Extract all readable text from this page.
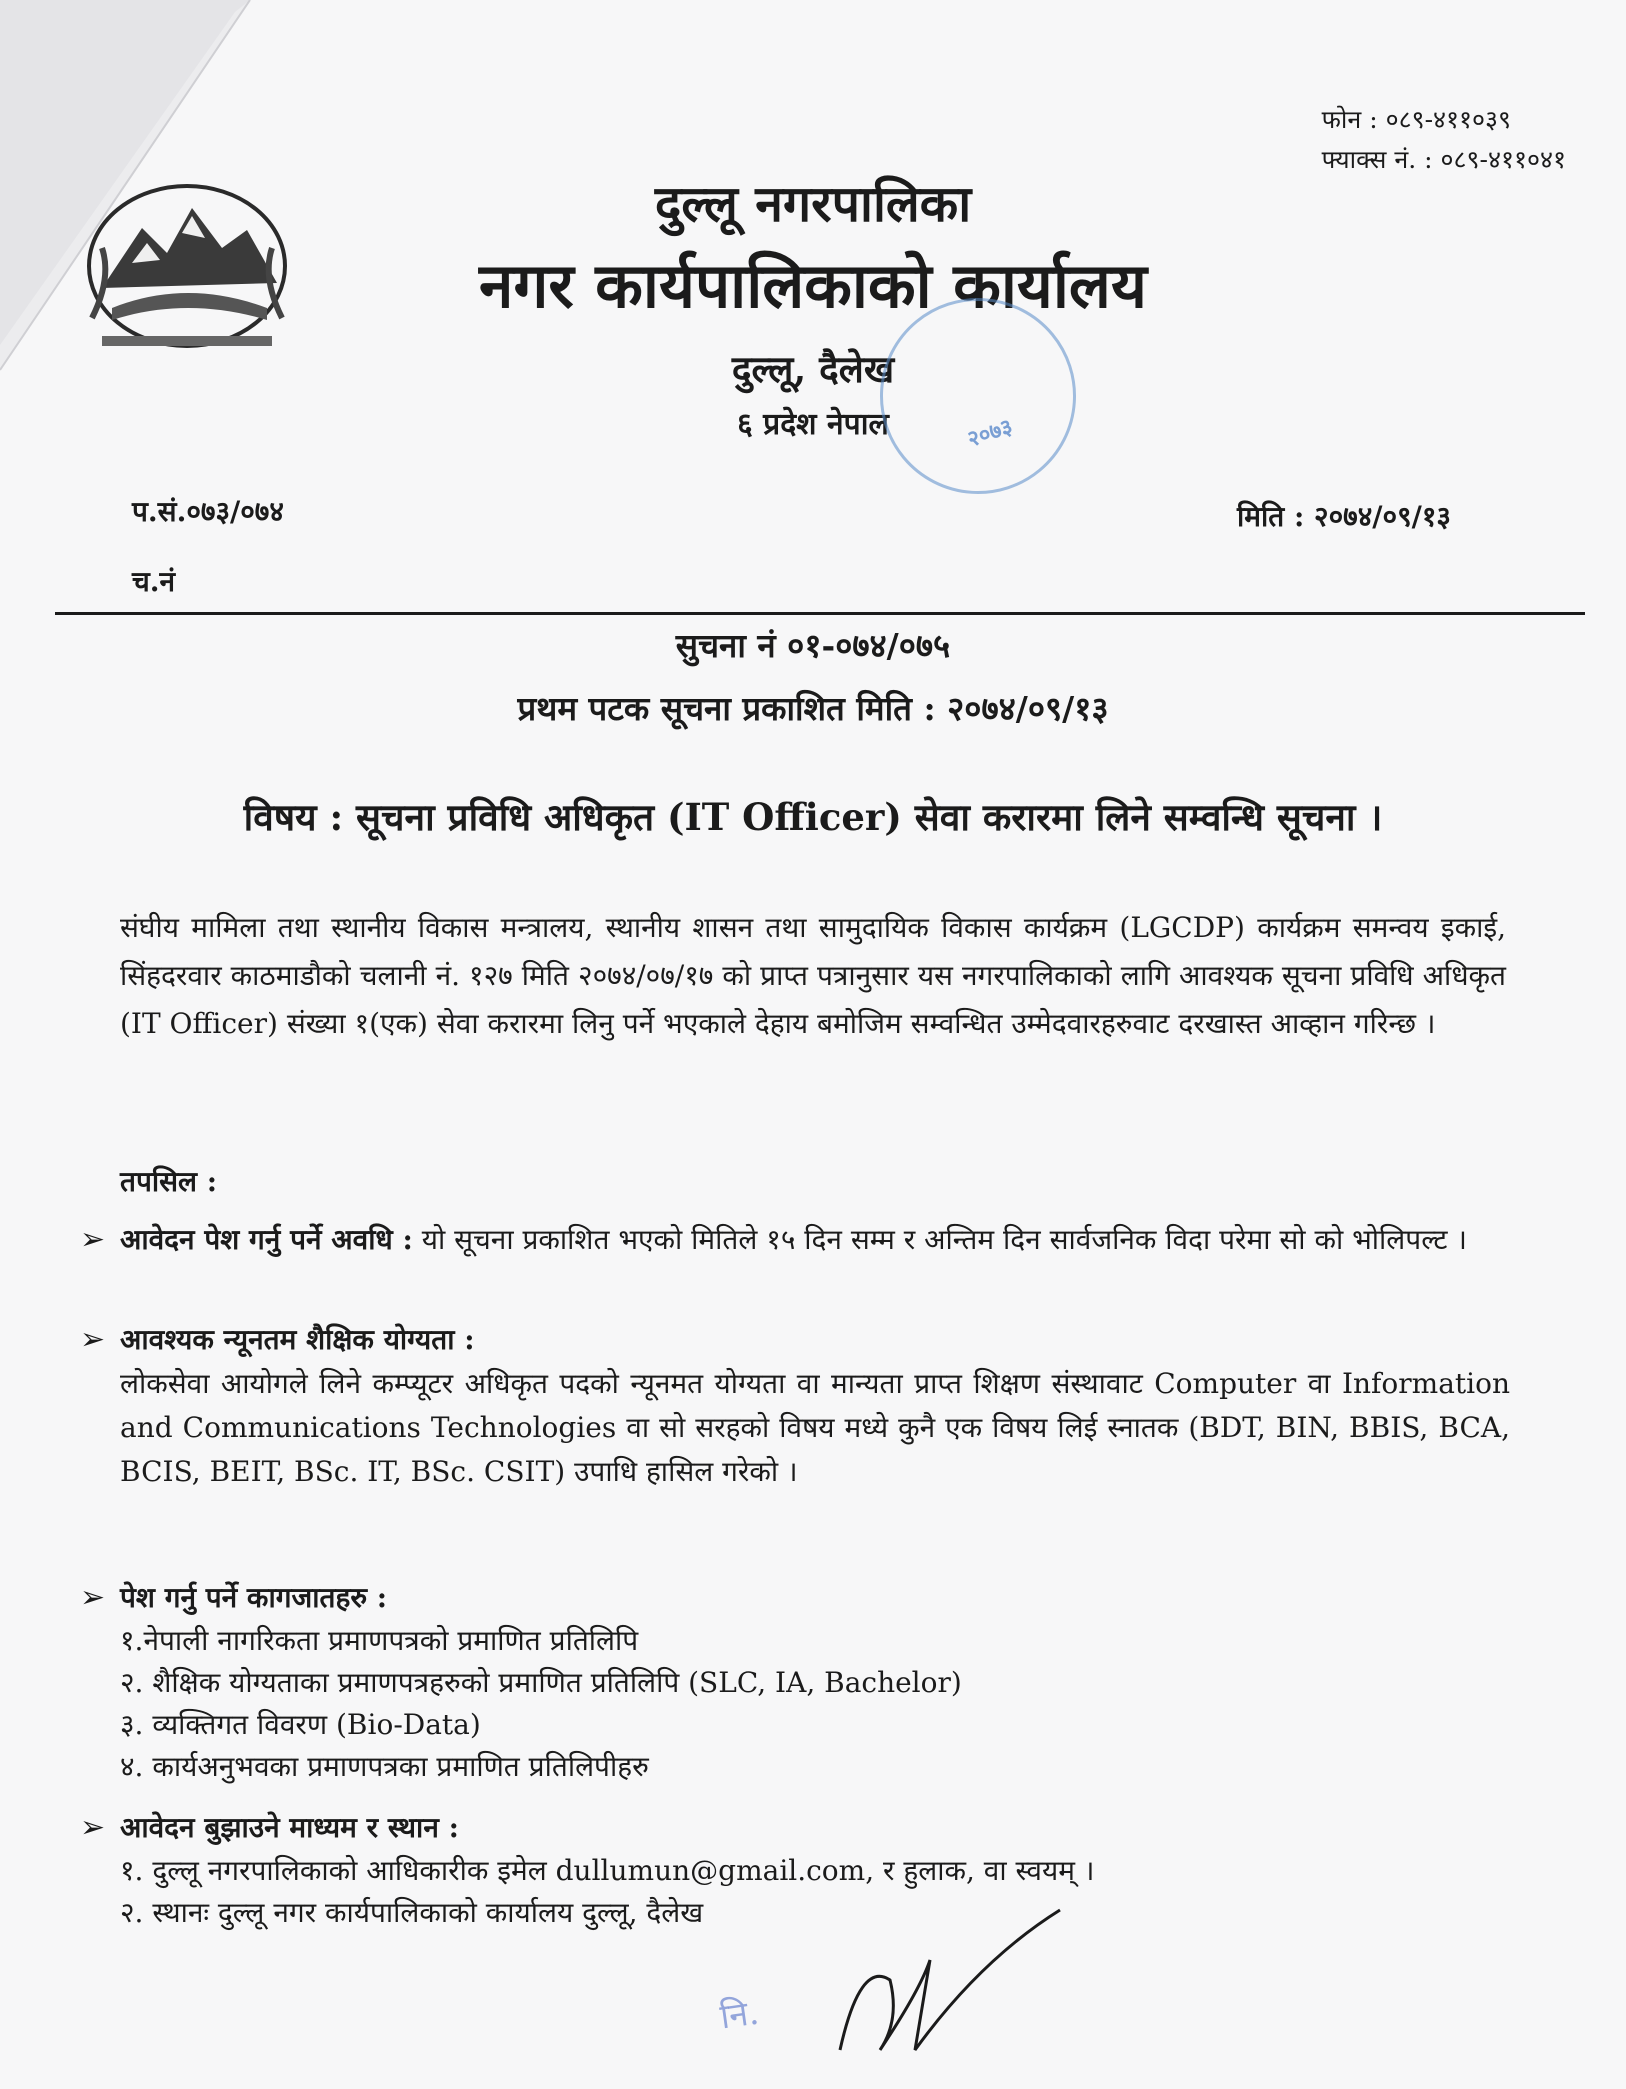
फोन : ०८९-४११०३९
फ्याक्स नं. : ०८९-४११०४१
दुल्लू नगरपालिका
नगर कार्यपालिकाको कार्यालय
दुल्लू, दैलेख
६ प्रदेश नेपाल	२०७३
प.सं.०७३/०७४	मिति : २०७४/०९/१३
च.नं
सुचना नं ०१-०७४/०७५
प्रथम पटक सूचना प्रकाशित मिति : २०७४/०९/१३
विषय : सूचना प्रविधि अधिकृत (IT Officer) सेवा करारमा लिने सम्वन्धि सूचना ।
संघीय मामिला तथा स्थानीय विकास मन्त्रालय, स्थानीय शासन तथा सामुदायिक विकास कार्यक्रम (LGCDP) कार्यक्रम समन्वय इकाई, सिंहदरवार काठमाडौको चलानी नं. १२७ मिति २०७४/०७/१७ को प्राप्त पत्रानुसार यस नगरपालिकाको लागि आवश्यक सूचना प्रविधि अधिकृत (IT Officer) संख्या १(एक) सेवा करारमा लिनु पर्ने भएकाले देहाय बमोजिम सम्वन्धित उम्मेदवारहरुवाट दरखास्त आव्हान गरिन्छ ।
तपसिल :
➢ आवेदन पेश गर्नु पर्ने अवधि : यो सूचना प्रकाशित भएको मितिले १५ दिन सम्म र अन्तिम दिन सार्वजनिक विदा परेमा सो को भोलिपल्ट ।
➢ आवश्यक न्यूनतम शैक्षिक योग्यता :
लोकसेवा आयोगले लिने कम्प्यूटर अधिकृत पदको न्यूनमत योग्यता वा मान्यता प्राप्त शिक्षण संस्थावाट Computer वा Information and Communications Technologies वा सो सरहको विषय मध्ये कुनै एक विषय लिई स्नातक (BDT, BIN, BBIS, BCA, BCIS, BEIT, BSc. IT, BSc. CSIT) उपाधि हासिल गरेको ।
➢ पेश गर्नु पर्ने कागजातहरु :
१.नेपाली नागरिकता प्रमाणपत्रको प्रमाणित प्रतिलिपि
२. शैक्षिक योग्यताका प्रमाणपत्रहरुको प्रमाणित प्रतिलिपि (SLC, IA, Bachelor)
३. व्यक्तिगत विवरण (Bio-Data)
४. कार्यअनुभवका प्रमाणपत्रका प्रमाणित प्रतिलिपीहरु
➢ आवेदन बुझाउने माध्यम र स्थान :
१. दुल्लू नगरपालिकाको आधिकारीक इमेल dullumun@gmail.com, र हुलाक, वा स्वयम् ।
२. स्थानः दुल्लू नगर कार्यपालिकाको कार्यालय दुल्लू, दैलेख
नि.
